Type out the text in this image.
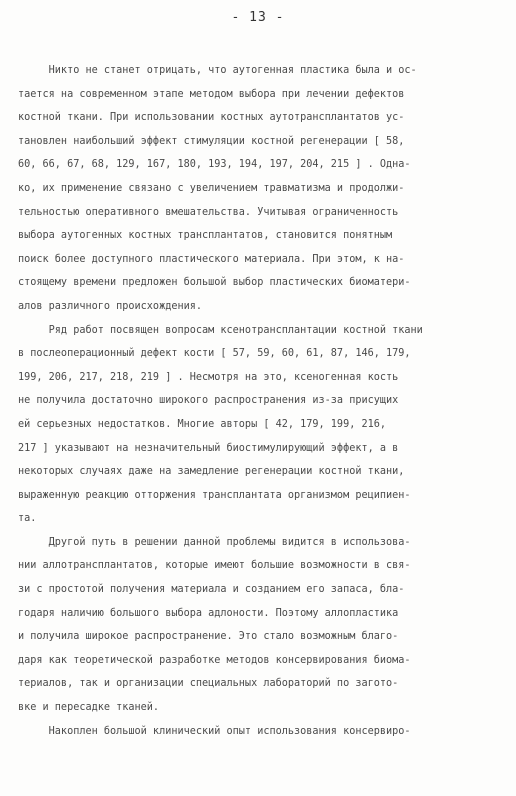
- 13 -
Никто не станет отрицать, что аутогенная пластика была и ос-
тается на современном этапе методом выбора при лечении дефектов
костной ткани. При использовании костных аутотрансплантатов ус-
тановлен наибольший эффект стимуляции костной регенерации [ 58,
60, 66, 67, 68, 129, 167, 180, 193, 194, 197, 204, 215 ] . Одна-
ко, их применение связано с увеличением травматизма и продолжи-
тельностью оперативного вмешательства. Учитывая ограниченность
выбора аутогенных костных трансплантатов, становится понятным
поиск более доступного пластического материала. При этом, к на-
стоящему времени предложен большой выбор пластических биоматери-
алов различного происхождения.
Ряд работ посвящен вопросам ксенотрансплантации костной ткани
в послеоперационный дефект кости [ 57, 59, 60, 61, 87, 146, 179,
199, 206, 217, 218, 219 ] . Несмотря на это, ксеногенная кость
не получила достаточно широкого распространения из-за присущих
ей серьезных недостатков. Многие авторы [ 42, 179, 199, 216,
217 ] указывают на незначительный биостимулирующий эффект, а в
некоторых случаях даже на замедление регенерации костной ткани,
выраженную реакцию отторжения трансплантата организмом реципиен-
та.
Другой путь в решении данной проблемы видится в использова-
нии аллотрансплантатов, которые имеют большие возможности в свя-
зи с простотой получения материала и созданием его запаса, бла-
годаря наличию большого выбора адлоности. Поэтому аллопластика
и получила широкое распространение. Это стало возможным благо-
даря как теоретической разработке методов консервирования биома-
териалов, так и организации специальных лабораторий по загото-
вке и пересадке тканей.
Накоплен большой клинический опыт использования консервиро-
